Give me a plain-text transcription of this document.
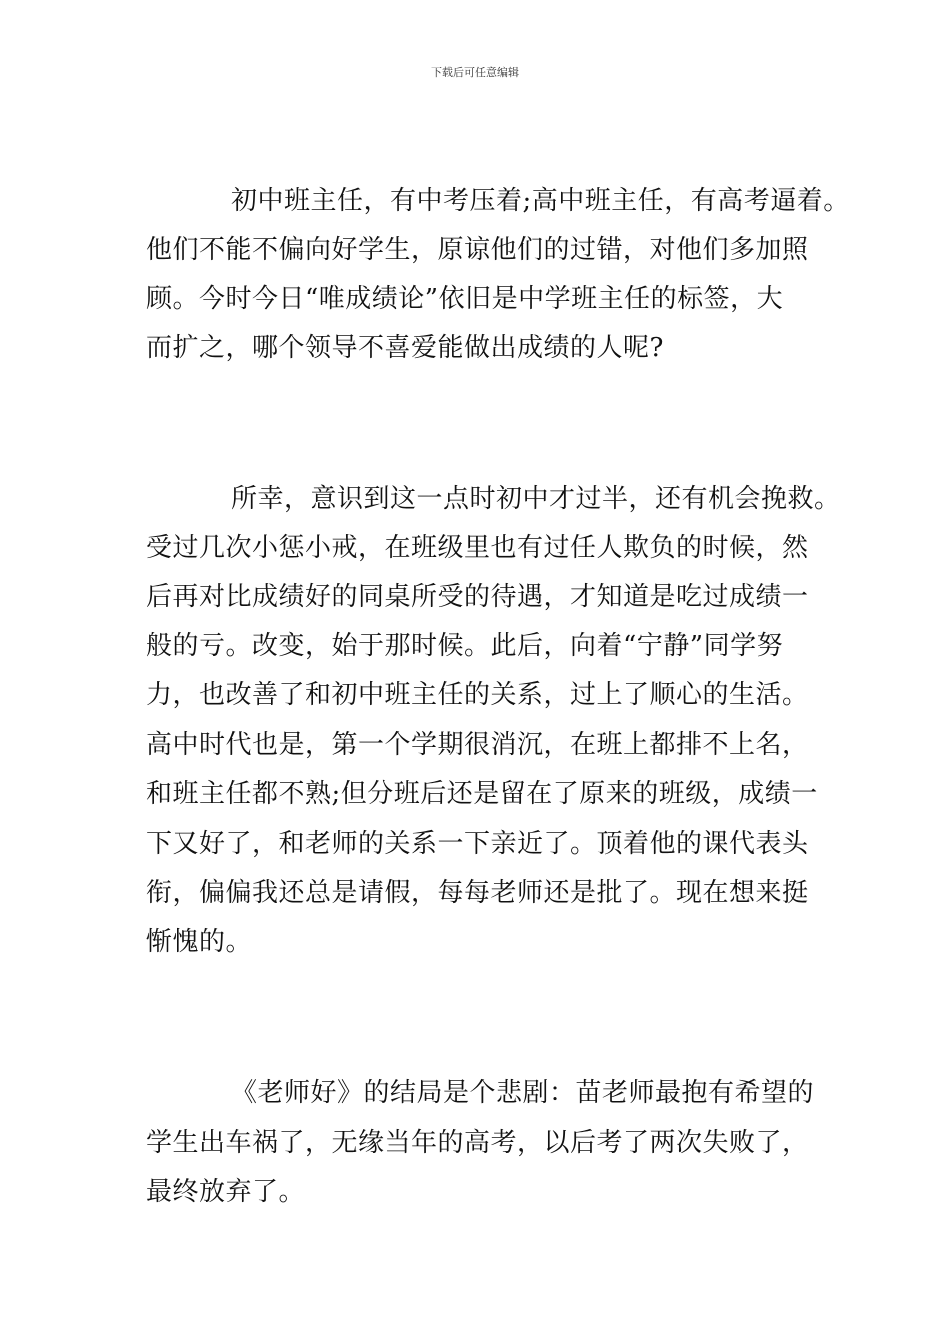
下载后可任意编辑
初中班主任，有中考压着;高中班主任，有高考逼着。
他们不能不偏向好学生，原谅他们的过错，对他们多加照
顾。今时今日“唯成绩论”依旧是中学班主任的标签，大
而扩之，哪个领导不喜爱能做出成绩的人呢?
所幸，意识到这一点时初中才过半，还有机会挽救。
受过几次小惩小戒，在班级里也有过任人欺负的时候，然
后再对比成绩好的同桌所受的待遇，才知道是吃过成绩一
般的亏。改变，始于那时候。此后，向着“宁静”同学努
力，也改善了和初中班主任的关系，过上了顺心的生活。
高中时代也是，第一个学期很消沉，在班上都排不上名，
和班主任都不熟;但分班后还是留在了原来的班级，成绩一
下又好了，和老师的关系一下亲近了。顶着他的课代表头
衔，偏偏我还总是请假，每每老师还是批了。现在想来挺
惭愧的。
《老师好》的结局是个悲剧：苗老师最抱有希望的
学生出车祸了，无缘当年的高考，以后考了两次失败了，
最终放弃了。
